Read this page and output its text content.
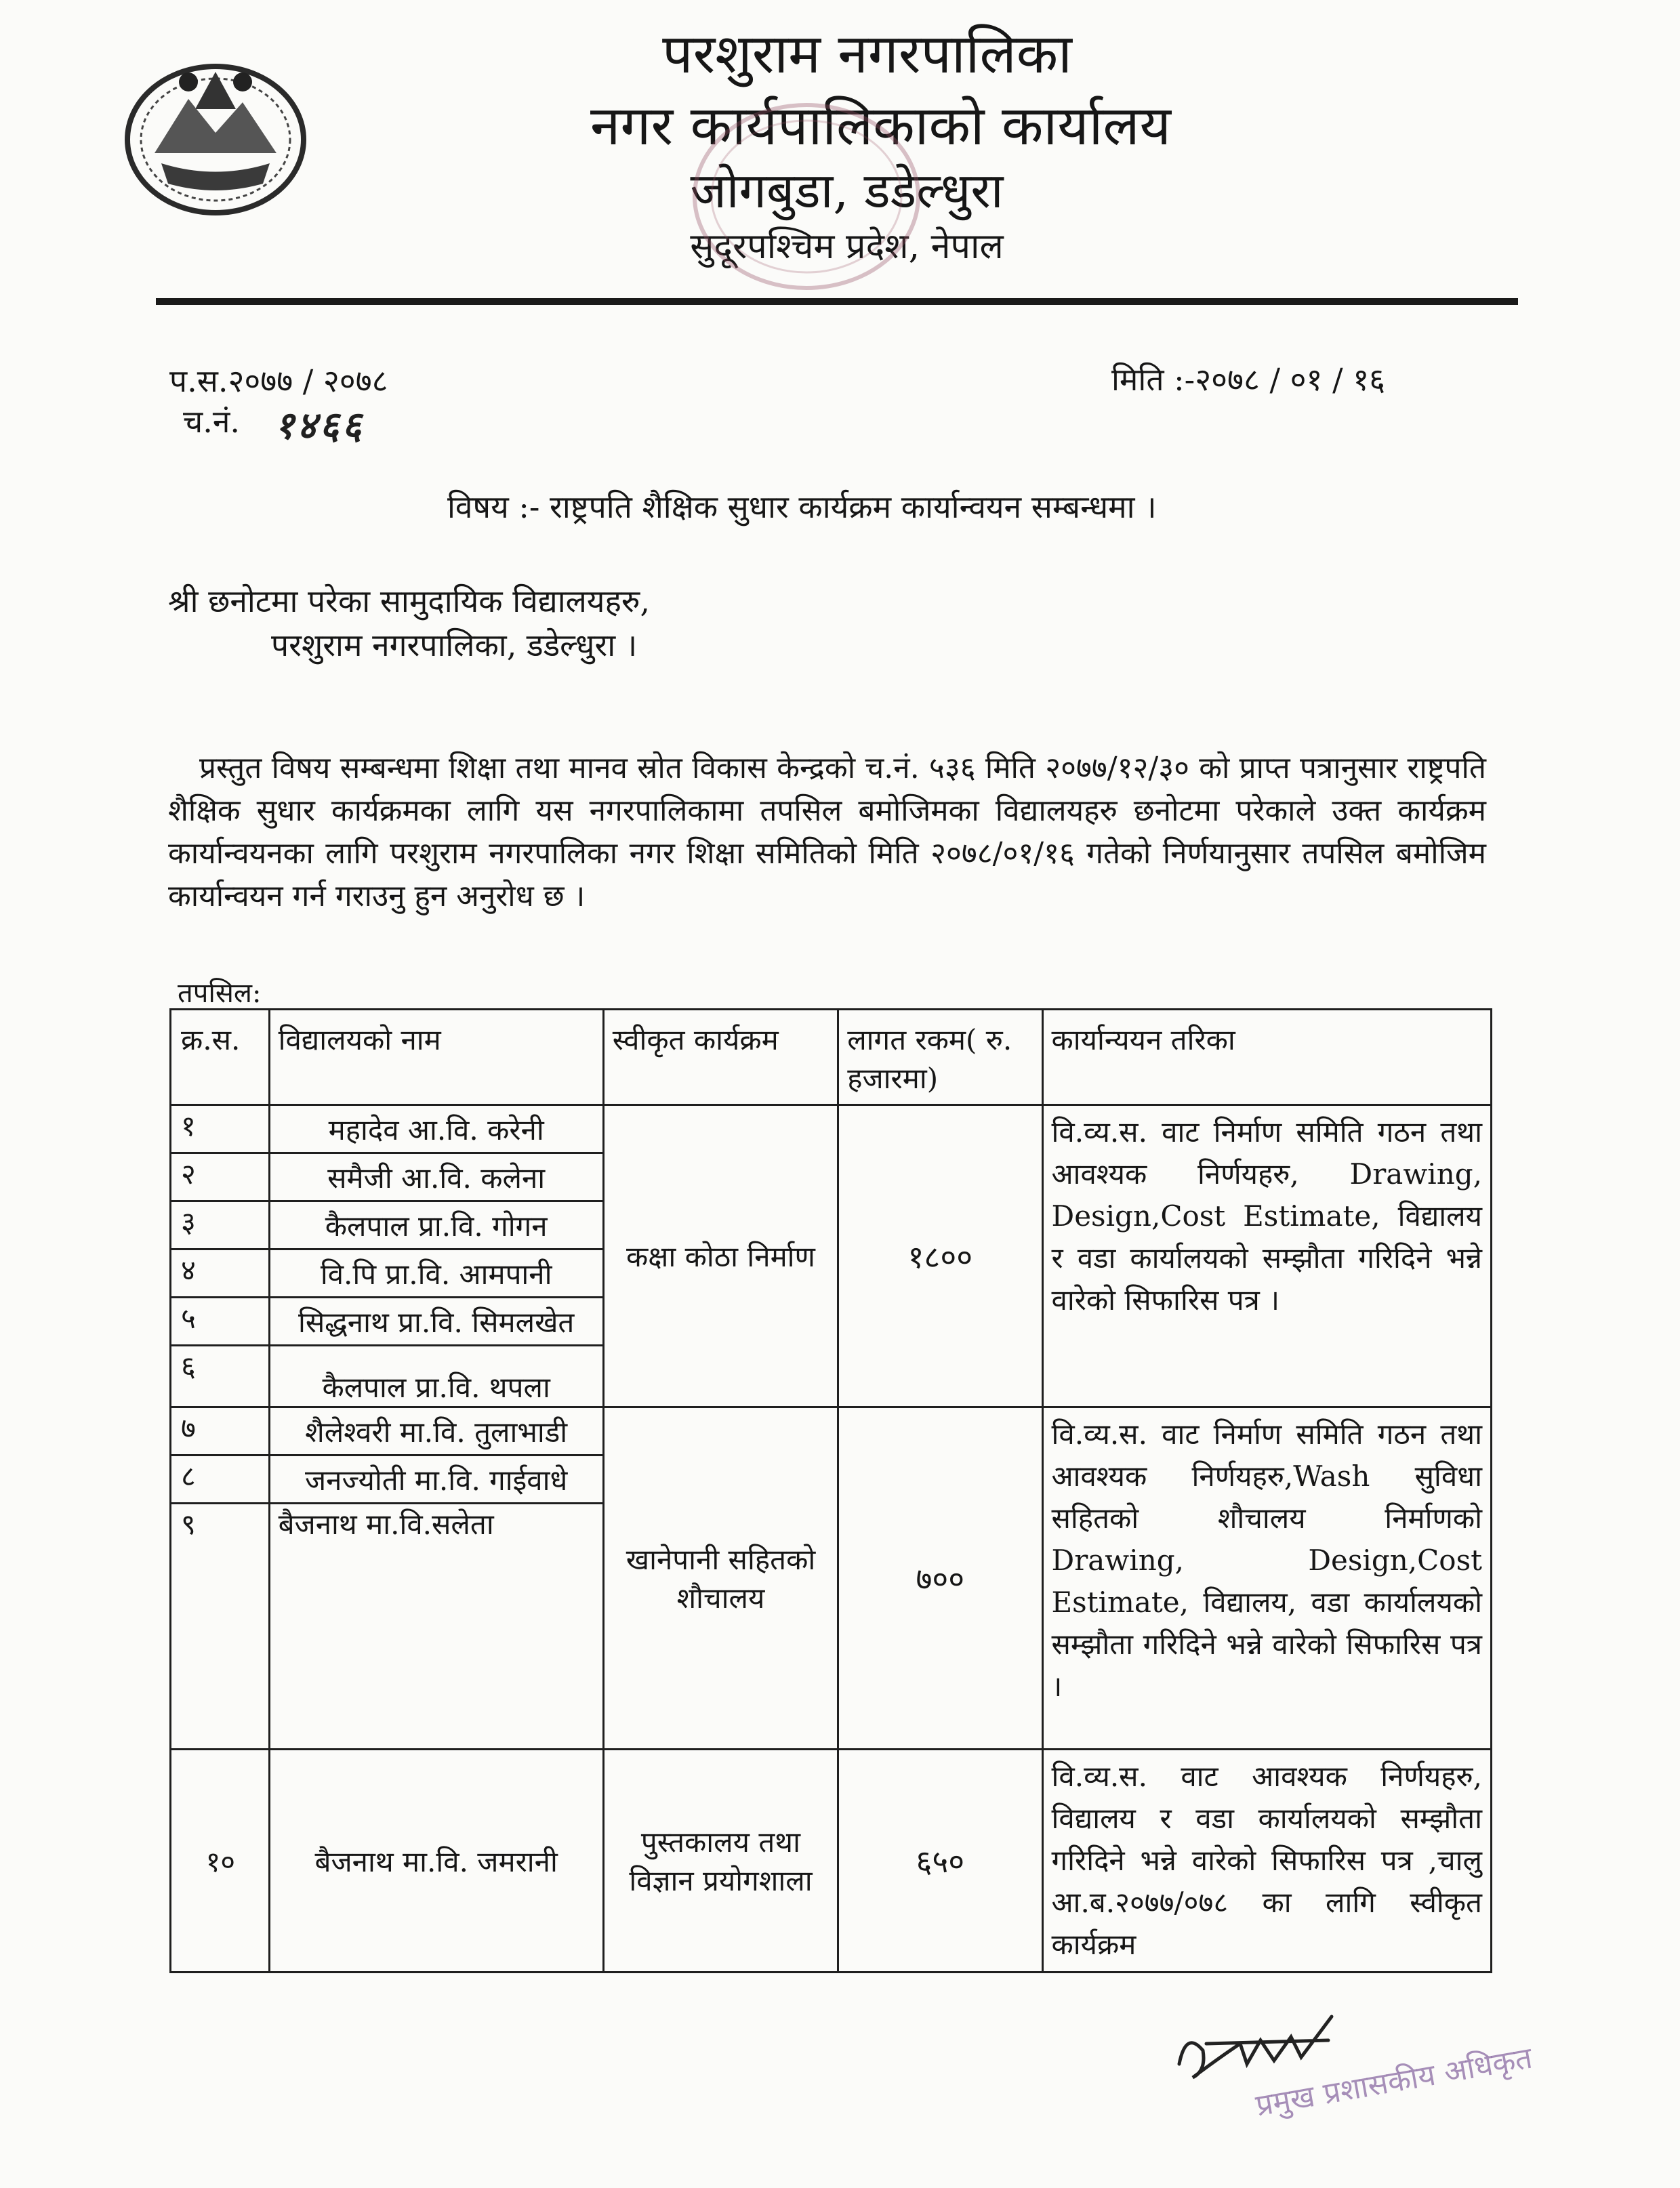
परशुराम नगरपालिका
नगर कार्यपालिकाको कार्यालय
जोगबुडा, डडेल्धुरा
सुदूरपश्चिम प्रदेश, नेपाल
प.स.२०७७ / २०७८
च.नं. १४६६
मिति :-२०७८ / ०१ / १६
विषय :- राष्ट्रपति शैक्षिक सुधार कार्यक्रम कार्यान्वयन सम्बन्धमा ।
श्री छनोटमा परेका सामुदायिक विद्यालयहरु,
परशुराम नगरपालिका, डडेल्धुरा ।
प्रस्तुत विषय सम्बन्धमा शिक्षा तथा मानव स्रोत विकास केन्द्रको च.नं. ५३६ मिति २०७७/१२/३० को प्राप्त पत्रानुसार राष्ट्रपति शैक्षिक सुधार कार्यक्रमका लागि यस नगरपालिकामा तपसिल बमोजिमका विद्यालयहरु छनोटमा परेकाले उक्त कार्यक्रम कार्यान्वयनका लागि परशुराम नगरपालिका नगर शिक्षा समितिको मिति २०७८/०१/१६ गतेको निर्णयानुसार तपसिल बमोजिम कार्यान्वयन गर्न गराउनु हुन अनुरोध छ ।
तपसिल:
क्र.स.	विद्यालयको नाम	स्वीकृत कार्यक्रम	लागत रकम( रु. हजारमा)	कार्यान्ययन तरिका
१	महादेव आ.वि. करेनी	कक्षा कोठा निर्माण	१८००	वि.व्य.स. वाट निर्माण समिति गठन तथा आवश्यक निर्णयहरु, Drawing, Design,Cost Estimate, विद्यालय र वडा कार्यालयको सम्झौता गरिदिने भन्ने वारेको सिफारिस पत्र ।
२	समैजी आ.वि. कलेना			
३	कैलपाल प्रा.वि. गोगन			
४	वि.पि प्रा.वि. आमपानी			
५	सिद्धनाथ प्रा.वि. सिमलखेत			
६	कैलपाल प्रा.वि. थपला			
७	शैलेश्वरी मा.वि. तुलाभाडी	खानेपानी सहितको शौचालय	७००	वि.व्य.स. वाट निर्माण समिति गठन तथा आवश्यक निर्णयहरु,Wash सुविधा सहितको शौचालय निर्माणको Drawing, Design,Cost Estimate, विद्यालय, वडा कार्यालयको सम्झौता गरिदिने भन्ने वारेको सिफारिस पत्र ।
८	जनज्योती मा.वि. गाईवाधे			
९	बैजनाथ मा.वि.सलेता			
१०	बैजनाथ मा.वि. जमरानी	पुस्तकालय तथा विज्ञान प्रयोगशाला	६५०	वि.व्य.स. वाट आवश्यक निर्णयहरु, विद्यालय र वडा कार्यालयको सम्झौता गरिदिने भन्ने वारेको सिफारिस पत्र ,चालु आ.ब.२०७७/०७८ का लागि स्वीकृत कार्यक्रम
प्रमुख प्रशासकीय अधिकृत
